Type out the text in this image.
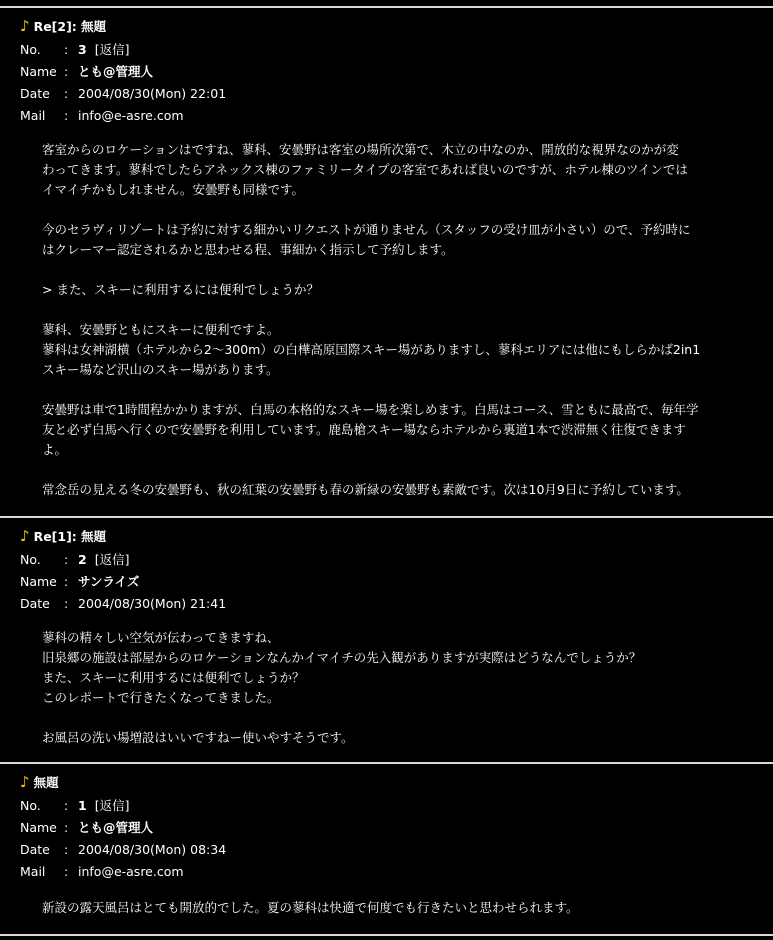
♪ Re[2]: 無題
No. : 3 [返信]
Name : とも@管理人
Date : 2004/08/30(Mon) 22:01
Mail : info@e-asre.com
客室からのロケーションはですね、蓼科、安曇野は客室の場所次第で、木立の中なのか、開放的な視界なのかが変
わってきます。蓼科でしたらアネックス棟のファミリータイプの客室であれば良いのですが、ホテル棟のツインでは
イマイチかもしれません。安曇野も同様です。
今のセラヴィリゾートは予約に対する細かいリクエストが通りません（スタッフの受け皿が小さい）ので、予約時に
はクレーマー認定されるかと思わせる程、事細かく指示して予約します。
> また、スキーに利用するには便利でしょうか？
蓼科、安曇野ともにスキーに便利ですよ。
蓼科は女神湖横（ホテルから2〜300m）の白樺高原国際スキー場がありますし、蓼科エリアには他にもしらかば2in1
スキー場など沢山のスキー場があります。
安曇野は車で1時間程かかりますが、白馬の本格的なスキー場を楽しめます。白馬はコース、雪ともに最高で、毎年学
友と必ず白馬へ行くので安曇野を利用しています。鹿島槍スキー場ならホテルから裏道1本で渋滞無く往復できます
よ。
常念岳の見える冬の安曇野も、秋の紅葉の安曇野も春の新緑の安曇野も素敵です。次は10月9日に予約しています。
♪ Re[1]: 無題
No. : 2 [返信]
Name : サンライズ
Date : 2004/08/30(Mon) 21:41
蓼科の精々しい空気が伝わってきますね、
旧泉郷の施設は部屋からのロケーションなんかイマイチの先入観がありますが実際はどうなんでしょうか？
また、スキーに利用するには便利でしょうか？
このレポートで行きたくなってきました。
お風呂の洗い場増設はいいですねー使いやすそうです。
♪ 無題
No. : 1 [返信]
Name : とも@管理人
Date : 2004/08/30(Mon) 08:34
Mail : info@e-asre.com
新設の露天風呂はとても開放的でした。夏の蓼科は快適で何度でも行きたいと思わせられます。
